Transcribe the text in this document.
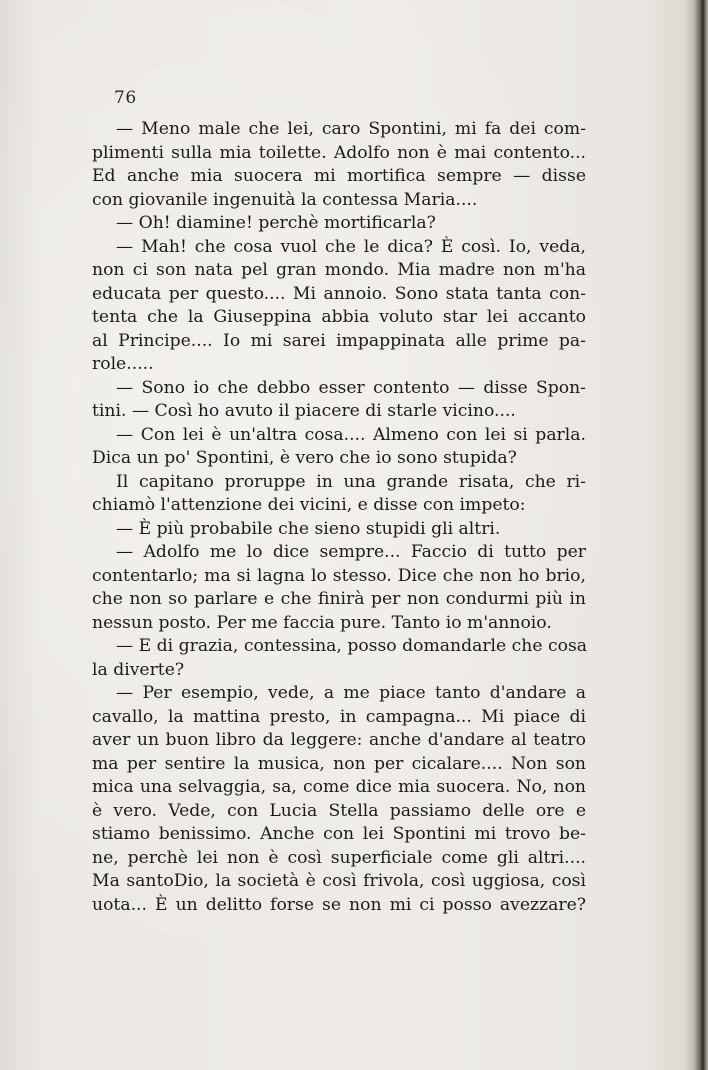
76
— Meno male che lei, caro Spontini, mi fa dei com-
plimenti sulla mia toilette. Adolfo non è mai contento...
Ed anche mia suocera mi mortifica sempre — disse
con giovanile ingenuità la contessa Maria....
— Oh! diamine! perchè mortificarla?
— Mah! che cosa vuol che le dica? È così. Io, veda,
non ci son nata pel gran mondo. Mia madre non m'ha
educata per questo.... Mi annoio. Sono stata tanta con-
tenta che la Giuseppina abbia voluto star lei accanto
al Principe.... Io mi sarei impappinata alle prime pa-
role.....
— Sono io che debbo esser contento — disse Spon-
tini. — Così ho avuto il piacere di starle vicino....
— Con lei è un'altra cosa.... Almeno con lei si parla.
Dica un po' Spontini, è vero che io sono stupida?
Il capitano proruppe in una grande risata, che ri-
chiamò l'attenzione dei vicini, e disse con impeto:
— È più probabile che sieno stupidi gli altri.
— Adolfo me lo dice sempre... Faccio di tutto per
contentarlo; ma si lagna lo stesso. Dice che non ho brio,
che non so parlare e che finirà per non condurmi più in
nessun posto. Per me faccia pure. Tanto io m'annoio.
— E di grazia, contessina, posso domandarle che cosa
la diverte?
— Per esempio, vede, a me piace tanto d'andare a
cavallo, la mattina presto, in campagna... Mi piace di
aver un buon libro da leggere: anche d'andare al teatro
ma per sentire la musica, non per cicalare.... Non son
mica una selvaggia, sa, come dice mia suocera. No, non
è vero. Vede, con Lucia Stella passiamo delle ore e
stiamo benissimo. Anche con lei Spontini mi trovo be-
ne, perchè lei non è così superficiale come gli altri....
Ma santoDio, la società è così frivola, così uggiosa, così
uota... È un delitto forse se non mi ci posso avezzare?
